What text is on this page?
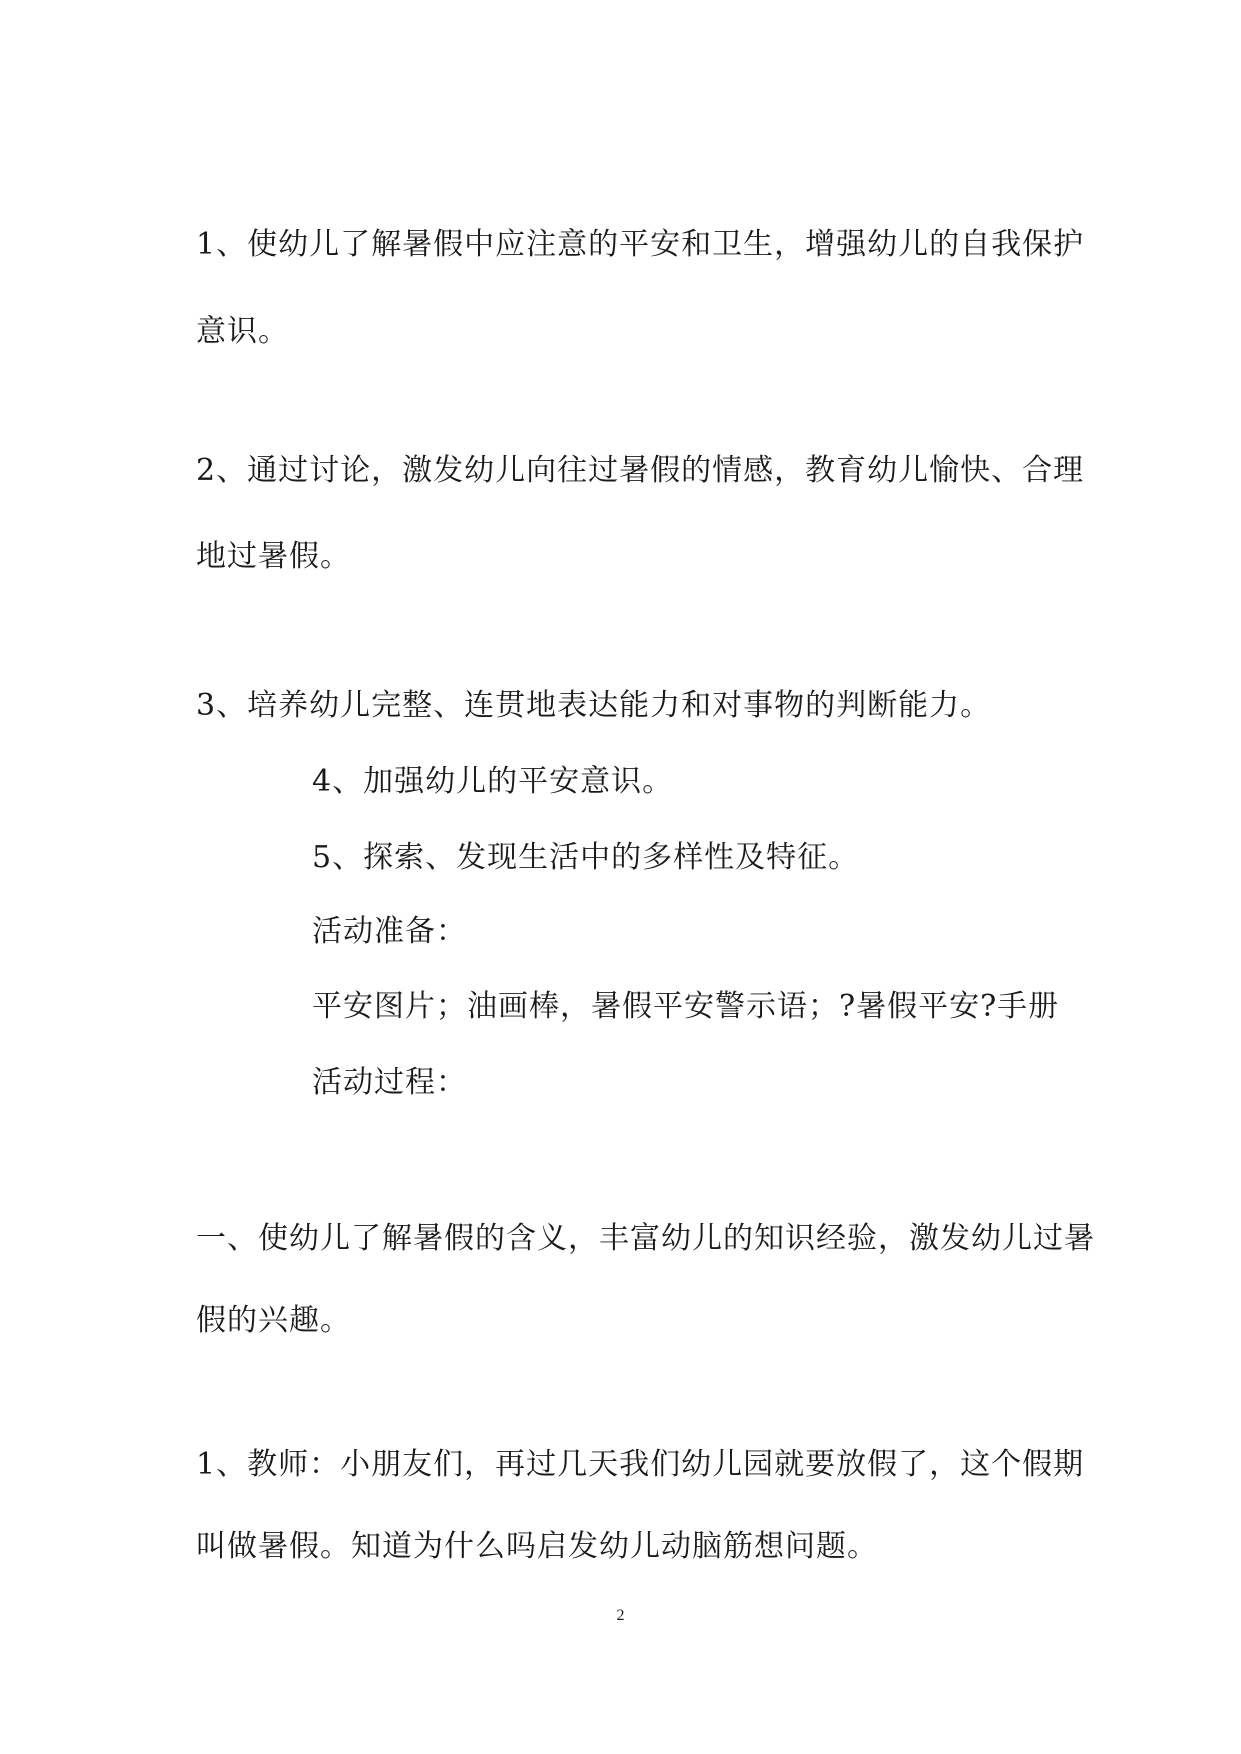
1、使幼儿了解暑假中应注意的平安和卫生，增强幼儿的自我保护
意识。
2、通过讨论，激发幼儿向往过暑假的情感，教育幼儿愉快、合理
地过暑假。
3、培养幼儿完整、连贯地表达能力和对事物的判断能力。
4、加强幼儿的平安意识。
5、探索、发现生活中的多样性及特征。
活动准备：
平安图片；油画棒，暑假平安警示语；?暑假平安?手册
活动过程：
一、使幼儿了解暑假的含义，丰富幼儿的知识经验，激发幼儿过暑
假的兴趣。
1、教师：小朋友们，再过几天我们幼儿园就要放假了，这个假期
叫做暑假。知道为什么吗启发幼儿动脑筋想问题。
2
